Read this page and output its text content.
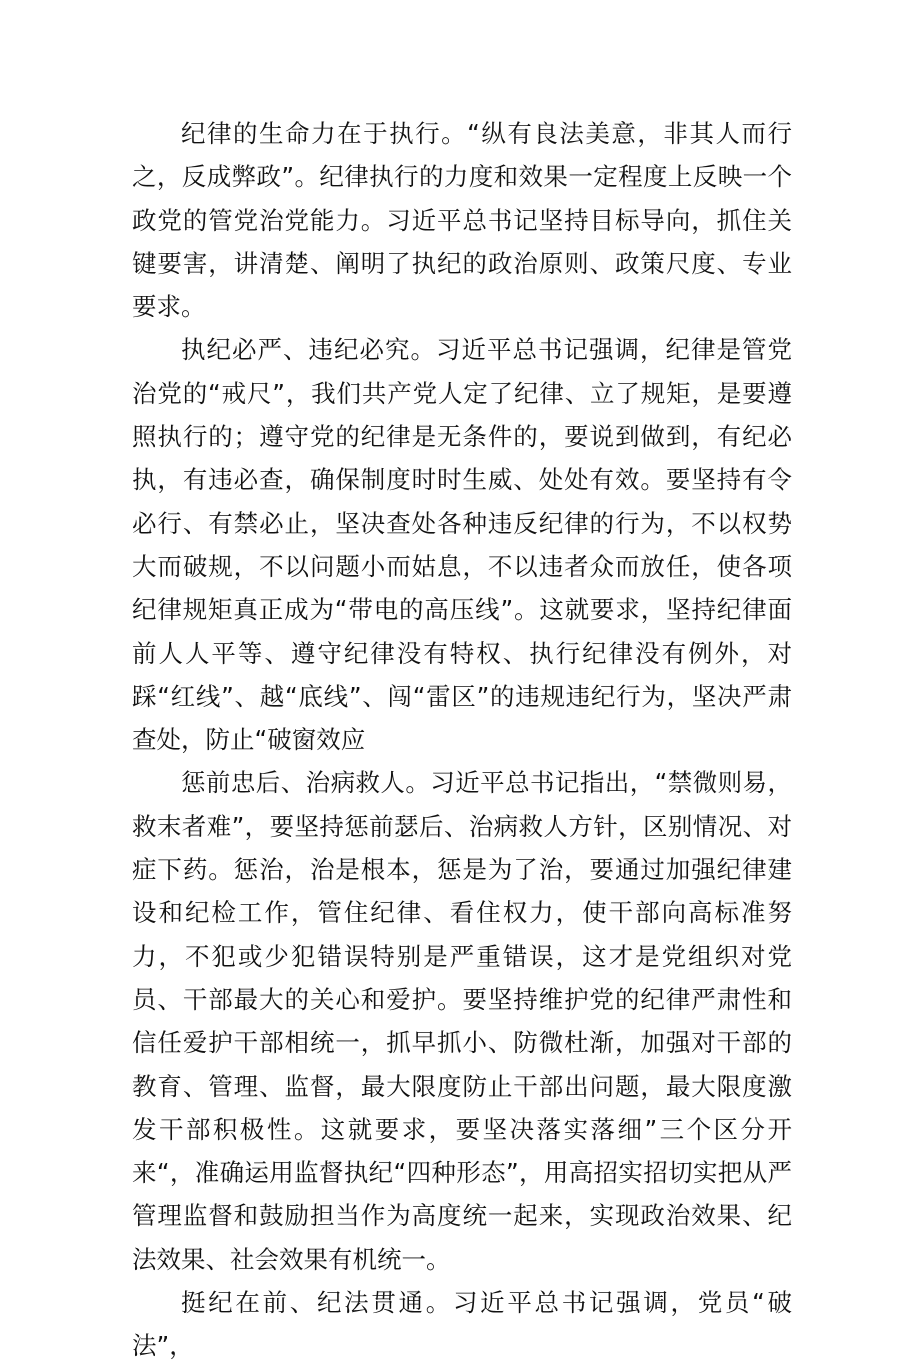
纪律的生命力在于执行。“纵有良法美意，非其人而行之，反成弊政”。纪律执行的力度和效果一定程度上反映一个政党的管党治党能力。习近平总书记坚持目标导向，抓住关键要害，讲清楚、阐明了执纪的政治原则、政策尺度、专业要求。

执纪必严、违纪必究。习近平总书记强调，纪律是管党治党的“戒尺”，我们共产党人定了纪律、立了规矩，是要遵照执行的；遵守党的纪律是无条件的，要说到做到，有纪必执，有违必查，确保制度时时生威、处处有效。要坚持有令必行、有禁必止，坚决查处各种违反纪律的行为，不以权势大而破规，不以问题小而姑息，不以违者众而放任，使各项纪律规矩真正成为“带电的高压线”。这就要求，坚持纪律面前人人平等、遵守纪律没有特权、执行纪律没有例外，对踩“红线”、越“底线”、闯“雷区”的违规违纪行为，坚决严肃查处，防止“破窗效应

惩前忠后、治病救人。习近平总书记指出，“禁微则易，救末者难”，要坚持惩前瑟后、治病救人方针，区别情况、对症下药。惩治，治是根本，惩是为了治，要通过加强纪律建设和纪检工作，管住纪律、看住权力，使干部向高标准努力，不犯或少犯错误特别是严重错误，这才是党组织对党员、干部最大的关心和爱护。要坚持维护党的纪律严肃性和信任爱护干部相统一，抓早抓小、防微杜渐，加强对干部的教育、管理、监督，最大限度防止干部出问题，最大限度激发干部积极性。这就要求，要坚决落实落细”三个区分开来“，准确运用监督执纪“四种形态”，用高招实招切实把从严管理监督和鼓励担当作为高度统一起来，实现政治效果、纪法效果、社会效果有机统一。

挺纪在前、纪法贯通。习近平总书记强调，党员“破法”，
